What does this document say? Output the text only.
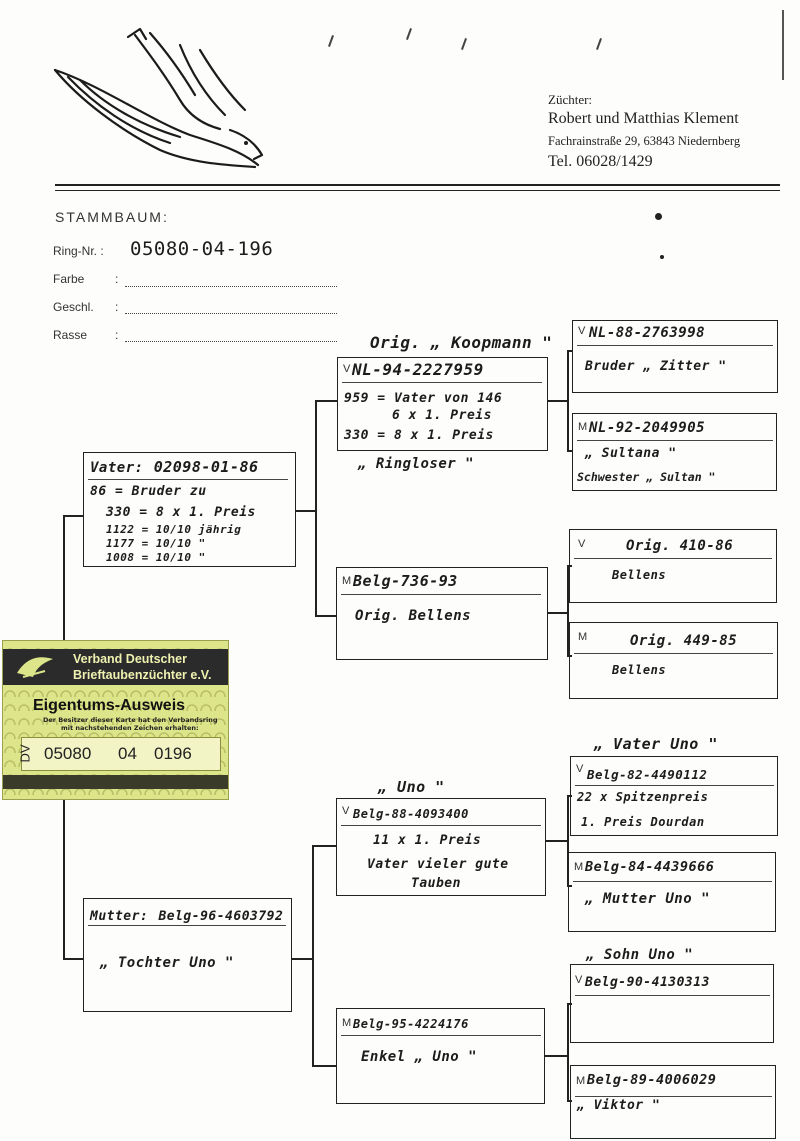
Züchter:
Robert und Matthias Klement
Fachrainstraße 29, 63843 Niedernberg
Tel. 06028/1429
STAMMBAUM:
Ring-Nr. : 05080-04-196
Farbe	:
Geschl. :
Rasse :
Vater: 02098-01-86
86 = Bruder zu
330 = 8 x 1. Preis
1122 = 10/10 jährig
1177 = 10/10 "
1008 = 10/10 "
Mutter: Belg-96-4603792
„ Tochter Uno "
Orig. „ Koopmann "
V NL-94-2227959
959 = Vater von 146
6 x 1. Preis
330 = 8 x 1. Preis
„ Ringloser "
M Belg-736-93
Orig. Bellens
„ Uno "
V Belg-88-4093400
11 x 1. Preis
Vater vieler gute
Tauben
M Belg-95-4224176
Enkel „ Uno "
V NL-88-2763998
Bruder „ Zitter "
M NL-92-2049905
„ Sultana "
Schwester „ Sultan "
V	Orig. 410-86
Bellens
M	Orig. 449-85
Bellens
„ Vater Uno "
V Belg-82-4490112
22 x Spitzenpreis
1. Preis Dourdan
M Belg-84-4439666
„ Mutter Uno "
„ Sohn Uno "
V Belg-90-4130313
M Belg-89-4006029
„ Viktor "
Verband Deutscher
Brieftaubenzüchter e.V.
Eigentums-Ausweis
Der Besitzer dieser Karte hat den Verbandsring
mit nachstehenden Zeichen erhalten:
DV 05080 04 0196
